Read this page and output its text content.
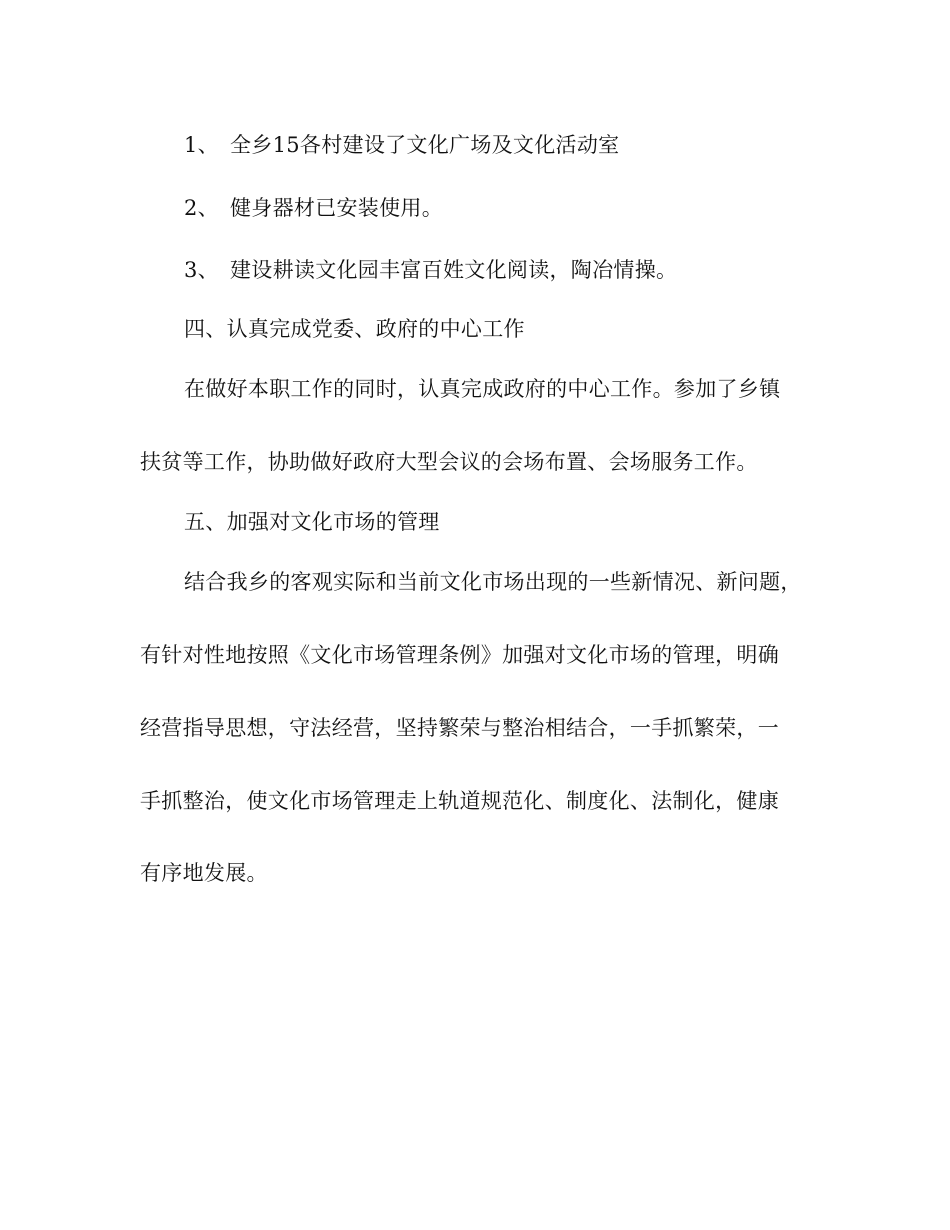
1、 全乡15各村建设了文化广场及文化活动室
2、 健身器材已安装使用。
3、 建设耕读文化园丰富百姓文化阅读，陶冶情操。
四、认真完成党委、政府的中心工作
在做好本职工作的同时，认真完成政府的中心工作。参加了乡镇
扶贫等工作，协助做好政府大型会议的会场布置、会场服务工作。
五、加强对文化市场的管理
结合我乡的客观实际和当前文化市场出现的一些新情况、新问题，
有针对性地按照《文化市场管理条例》加强对文化市场的管理，明确
经营指导思想，守法经营，坚持繁荣与整治相结合，一手抓繁荣，一
手抓整治，使文化市场管理走上轨道规范化、制度化、法制化，健康
有序地发展。
